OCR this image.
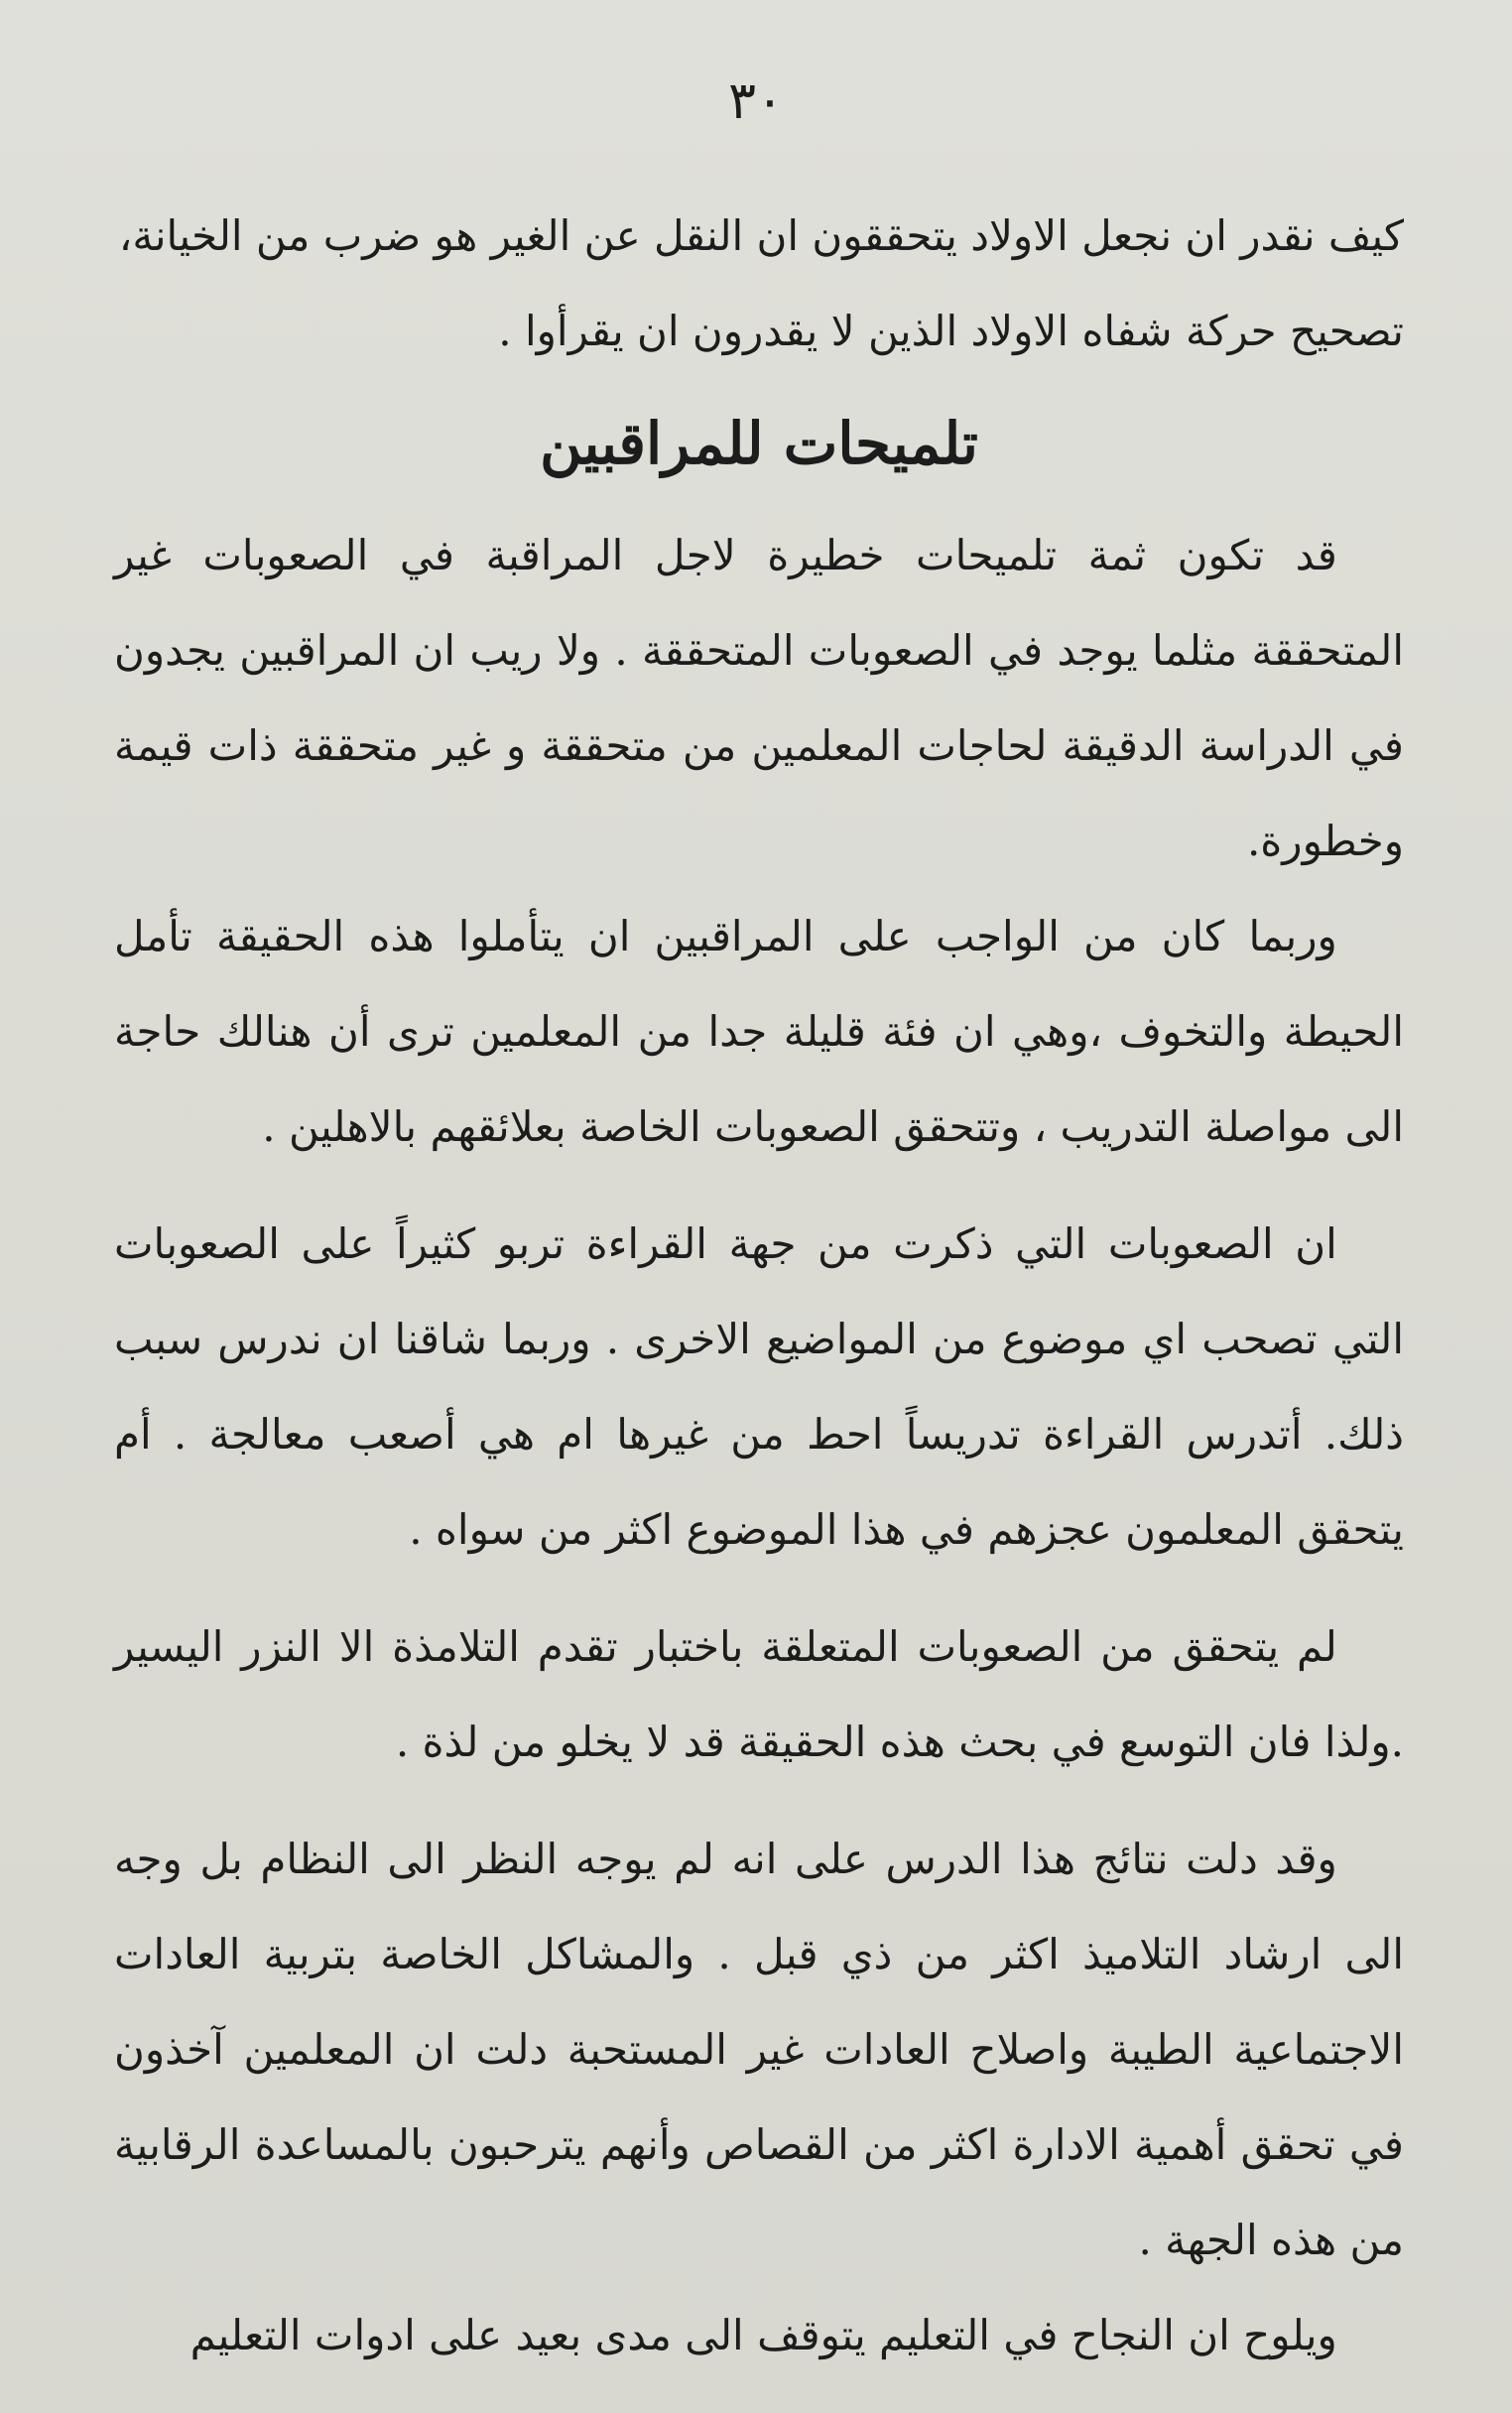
٣٠

كيف نقدر ان نجعل الاولاد يتحققون ان النقل عن الغير هو ضرب من الخيانة،

تصحيح حركة شفاه الاولاد الذين لا يقدرون ان يقرأوا .

تلميحات للمراقبين

قد تكون ثمة تلميحات خطيرة لاجل المراقبة في الصعوبات غير المتحققة مثلما يوجد في الصعوبات المتحققة . ولا ريب ان المراقبين يجدون في الدراسة الدقيقة لحاجات المعلمين من متحققة و غير متحققة ذات قيمة وخطورة.

وربما كان من الواجب على المراقبين ان يتأملوا هذه الحقيقة تأمل الحيطة والتخوف ،وهي ان فئة قليلة جدا من المعلمين ترى أن هنالك حاجة الى مواصلة التدريب ، وتتحقق الصعوبات الخاصة بعلائقهم بالاهلين .

ان الصعوبات التي ذكرت من جهة القراءة تربو كثيراً على الصعوبات التي تصحب اي موضوع من المواضيع الاخرى . وربما شاقنا ان ندرس سبب ذلك. أتدرس القراءة تدريساً احط من غيرها ام هي أصعب معالجة . أم يتحقق المعلمون عجزهم في هذا الموضوع اكثر من سواه .

لم يتحقق من الصعوبات المتعلقة باختبار تقدم التلامذة الا النزر اليسير .ولذا فان التوسع في بحث هذه الحقيقة قد لا يخلو من لذة .

وقد دلت نتائج هذا الدرس على انه لم يوجه النظر الى النظام بل وجه الى ارشاد التلاميذ اكثر من ذي قبل . والمشاكل الخاصة بتربية العادات الاجتماعية الطيبة واصلاح العادات غير المستحبة دلت ان المعلمين آخذون في تحقق أهمية الادارة اكثر من القصاص وأنهم يترحبون بالمساعدة الرقابية من هذه الجهة .

ويلوح ان النجاح في التعليم يتوقف الى مدى بعيد على ادوات التعليم
